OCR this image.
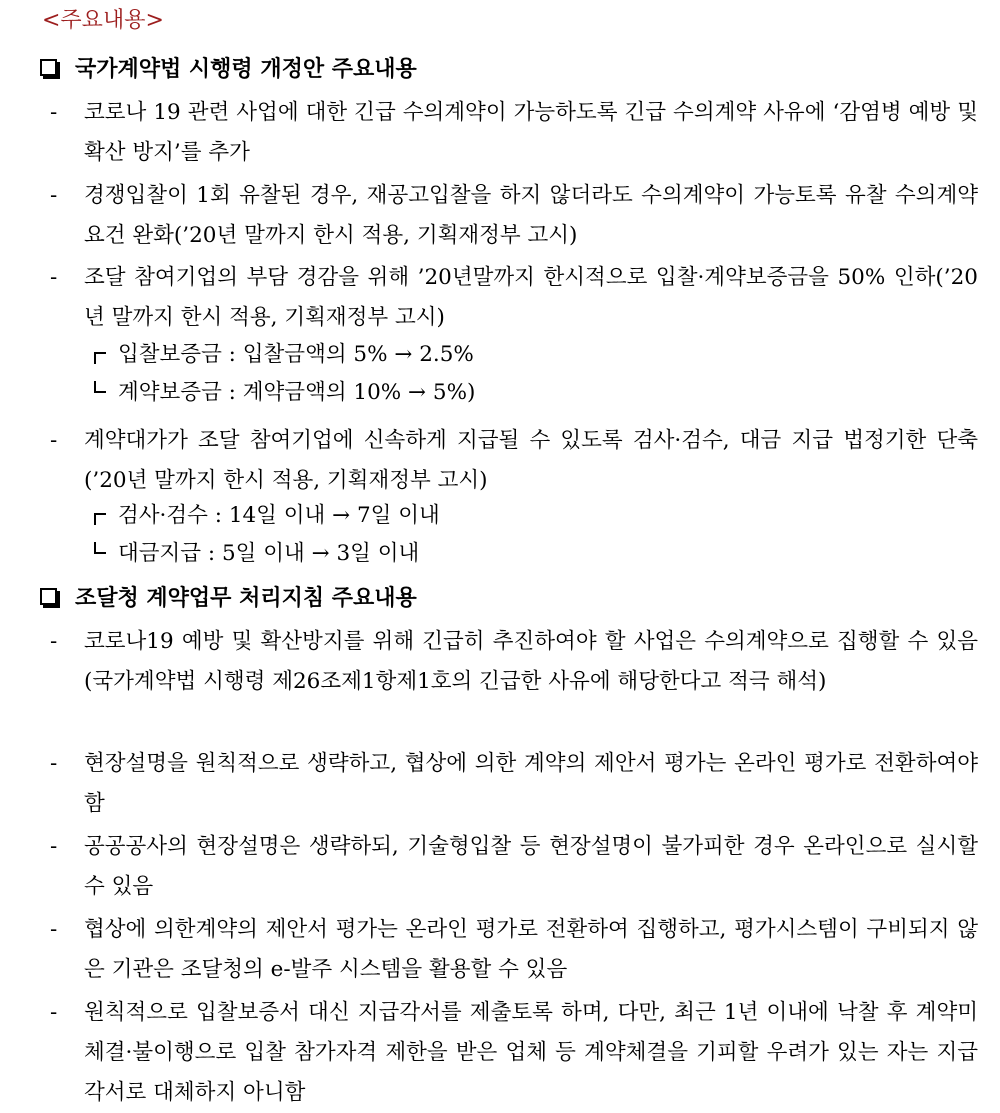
<주요내용>
국가계약법 시행령 개정안 주요내용
-	코로나 19 관련 사업에 대한 긴급 수의계약이 가능하도록 긴급 수의계약 사유에 ‘감염병 예방 및 확산 방지’를 추가
-	경쟁입찰이 1회 유찰된 경우, 재공고입찰을 하지 않더라도 수의계약이 가능토록 유찰 수의계약 요건 완화(’20년 말까지 한시 적용, 기획재정부 고시)
-	조달 참여기업의 부담 경감을 위해 ’20년말까지 한시적으로 입찰·계약보증금을 50% 인하(’20년 말까지 한시 적용, 기획재정부 고시)
입찰보증금 : 입찰금액의 5% → 2.5%
계약보증금 : 계약금액의 10% → 5%)
-	계약대가가 조달 참여기업에 신속하게 지급될 수 있도록 검사·검수, 대금 지급 법정기한 단축(’20년 말까지 한시 적용, 기획재정부 고시)
검사·검수 : 14일 이내 → 7일 이내
대금지급 : 5일 이내 → 3일 이내
조달청 계약업무 처리지침 주요내용
-	코로나19 예방 및 확산방지를 위해 긴급히 추진하여야 할 사업은 수의계약으로 집행할 수 있음(국가계약법 시행령 제26조제1항제1호의 긴급한 사유에 해당한다고 적극 해석)
-	현장설명을 원칙적으로 생략하고, 협상에 의한 계약의 제안서 평가는 온라인 평가로 전환하여야 함
-	공공공사의 현장설명은 생략하되, 기술형입찰 등 현장설명이 불가피한 경우 온라인으로 실시할 수 있음
-	협상에 의한계약의 제안서 평가는 온라인 평가로 전환하여 집행하고, 평가시스템이 구비되지 않은 기관은 조달청의 e-발주 시스템을 활용할 수 있음
-	원칙적으로 입찰보증서 대신 지급각서를 제출토록 하며, 다만, 최근 1년 이내에 낙찰 후 계약미체결·불이행으로 입찰 참가자격 제한을 받은 업체 등 계약체결을 기피할 우려가 있는 자는 지급각서로 대체하지 아니함
